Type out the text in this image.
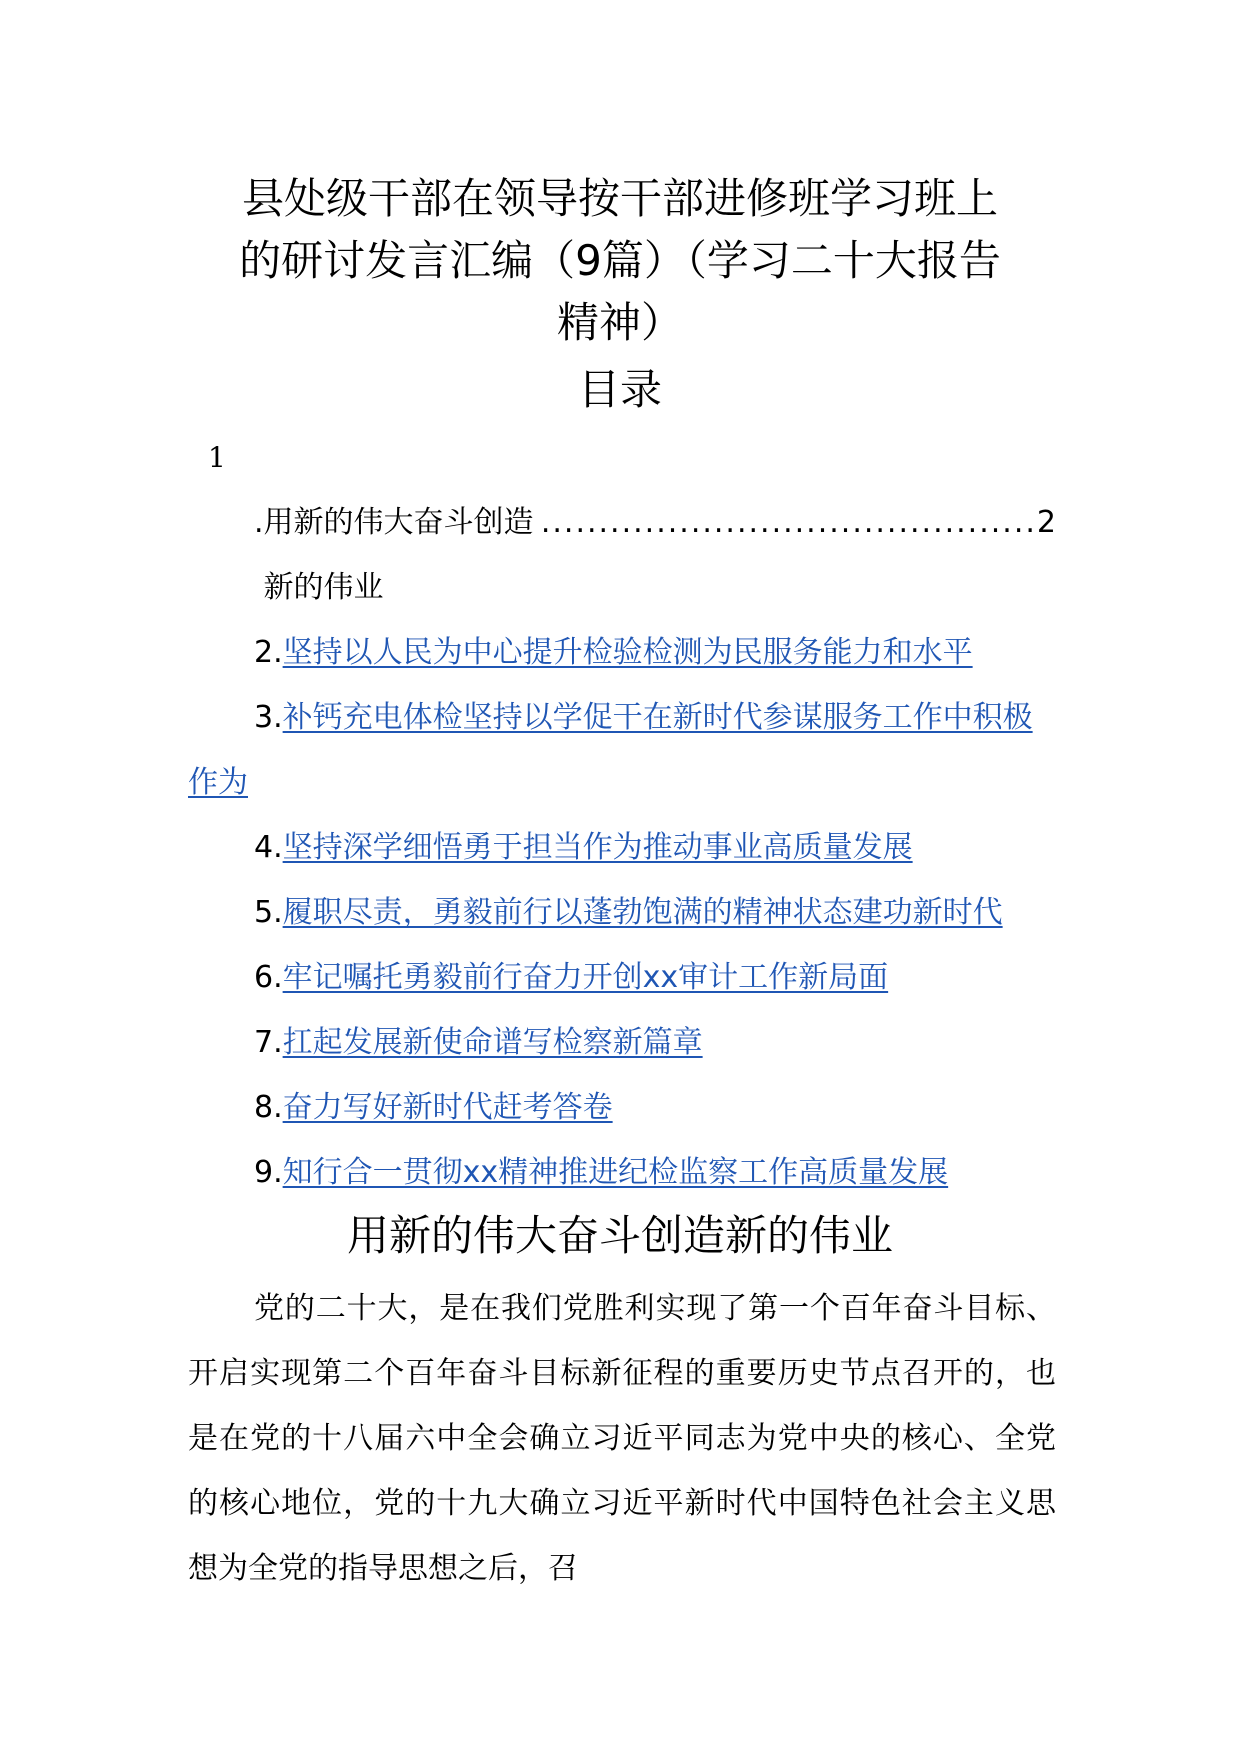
县处级干部在领导按干部进修班学习班上
的研讨发言汇编（9篇）（学习二十大报告
精神）
目录
1
. 用新的伟大奋斗创造新的伟业
........................................... 2
2.坚持以人民为中心提升检验检测为民服务能力和水平
3.补钙充电体检坚持以学促干在新时代参谋服务工作中积极作为
4.坚持深学细悟勇于担当作为推动事业高质量发展
5.履职尽责，勇毅前行以蓬勃饱满的精神状态建功新时代
6.牢记嘱托勇毅前行奋力开创xx审计工作新局面
7.扛起发展新使命谱写检察新篇章
8.奋力写好新时代赶考答卷
9.知行合一贯彻xx精神推进纪检监察工作高质量发展
用新的伟大奋斗创造新的伟业

党的二十大，是在我们党胜利实现了第一个百年奋斗目标、开启实现第二个百年奋斗目标新征程的重要历史节点召开的，也是在党的十八届六中全会确立习近平同志为党中央的核心、全党的核心地位，党的十九大确立习近平新时代中国特色社会主义思想为全党的指导思想之后，召
